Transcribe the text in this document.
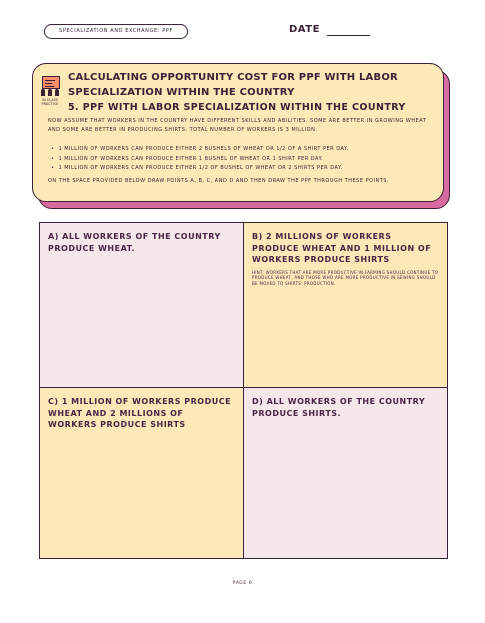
SPECIALIZATION AND EXCHANGE: PPF	DATE
IN CLASS PRACTICE
CALCULATING OPPORTUNITY COST FOR PPF WITH LABOR SPECIALIZATION WITHIN THE COUNTRY
5. PPF WITH LABOR SPECIALIZATION WITHIN THE COUNTRY
NOW ASSUME THAT WORKERS IN THE COUNTRY HAVE DIFFERENT SKILLS AND ABILITIES. SOME ARE BETTER IN GROWING WHEAT AND SOME ARE BETTER IN PRODUCING SHIRTS. TOTAL NUMBER OF WORKERS IS 3 MILLION.
• 1 MILLION OF WORKERS CAN PRODUCE EITHER 2 BUSHELS OF WHEAT OR 1/2 OF A SHIRT PER DAY.
• 1 MILLION OF WORKERS CAN PRODUCE EITHER 1 BUSHEL OF WHEAT OR 1 SHIRT PER DAY.
• 1 MILLION OF WORKERS CAN PRODUCE EITHER 1/2 OF BUSHEL OF WHEAT OR 2 SHIRTS PER DAY.
ON THE SPACE PROVIDED BELOW DRAW POINTS A, B, C, AND D AND THEN DRAW THE PPF THROUGH THESE POINTS.
A) ALL WORKERS OF THE COUNTRY PRODUCE WHEAT.
B) 2 MILLIONS OF WORKERS PRODUCE WHEAT AND 1 MILLION OF WORKERS PRODUCE SHIRTS
HINT: WORKERS THAT ARE MORE PRODUCTIVE IN FARMING SHOULD CONTINUE TO PRODUCE WHEAT, AND THOSE WHO ARE MORE PRODUCTIVE IN SEWING SHOULD BE MOVED TO SHIRTS' PRODUCTION.
C) 1 MILLION OF WORKERS PRODUCE WHEAT AND 2 MILLIONS OF WORKERS PRODUCE SHIRTS
D) ALL WORKERS OF THE COUNTRY PRODUCE SHIRTS.
PAGE 6
